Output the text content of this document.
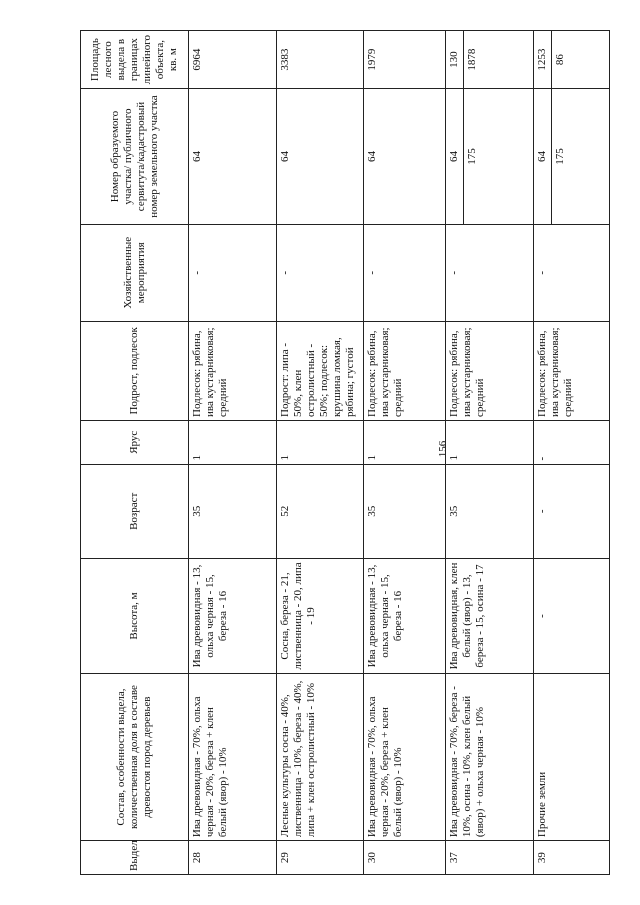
156
Выдел	Состав, особенности выдела, количественная доля в составе древостоя пород деревьев	Высота, м	Возраст	Ярус	Подрост, подлесок	Хозяйственные мероприятия	Номер образуемого участка/ публичного сервитута/кадастровый номер земельного участка	Площадь лесного выдела в границах линейного объекта, кв. м
28	Ива древовидная - 70%, ольха черная - 20%, береза + клен белый (явор) - 10%	Ива древовидная - 13, ольха черная - 15, береза - 16	35	1	Подлесок: рябина, ива кустарниковая; средний	-	64	6964

29	Лесные культуры сосна - 40%, лиственница - 10%, береза - 40%, липа + клен остролистный - 10%	Сосна, береза - 21, лиственница - 20, липа - 19	52	1	Подрост: липа - 50%, клен остролистный - 50%; подлесок: крушина ломкая, рябина; густой	-	64	3383

30	Ива древовидная - 70%, ольха черная - 20%, береза + клен белый (явор) - 10%	Ива древовидная - 13, ольха черная - 15, береза - 16	35	1	Подлесок: рябина, ива кустарниковая; средний	-	64	1979

37	Ива древовидная - 70%, береза - 10%, осина - 10%, клен белый (явор) + ольха черная - 10%	Ива древовидная, клен белый (явор) - 13, береза - 15, осина - 17	35	1	Подлесок: рябина, ива кустарниковая; средний	-	64 175	130 1878

39	Прочие земли	-	-	-	Подлесок: рябина, ива кустарниковая; средний	-	64 175	1253 86
